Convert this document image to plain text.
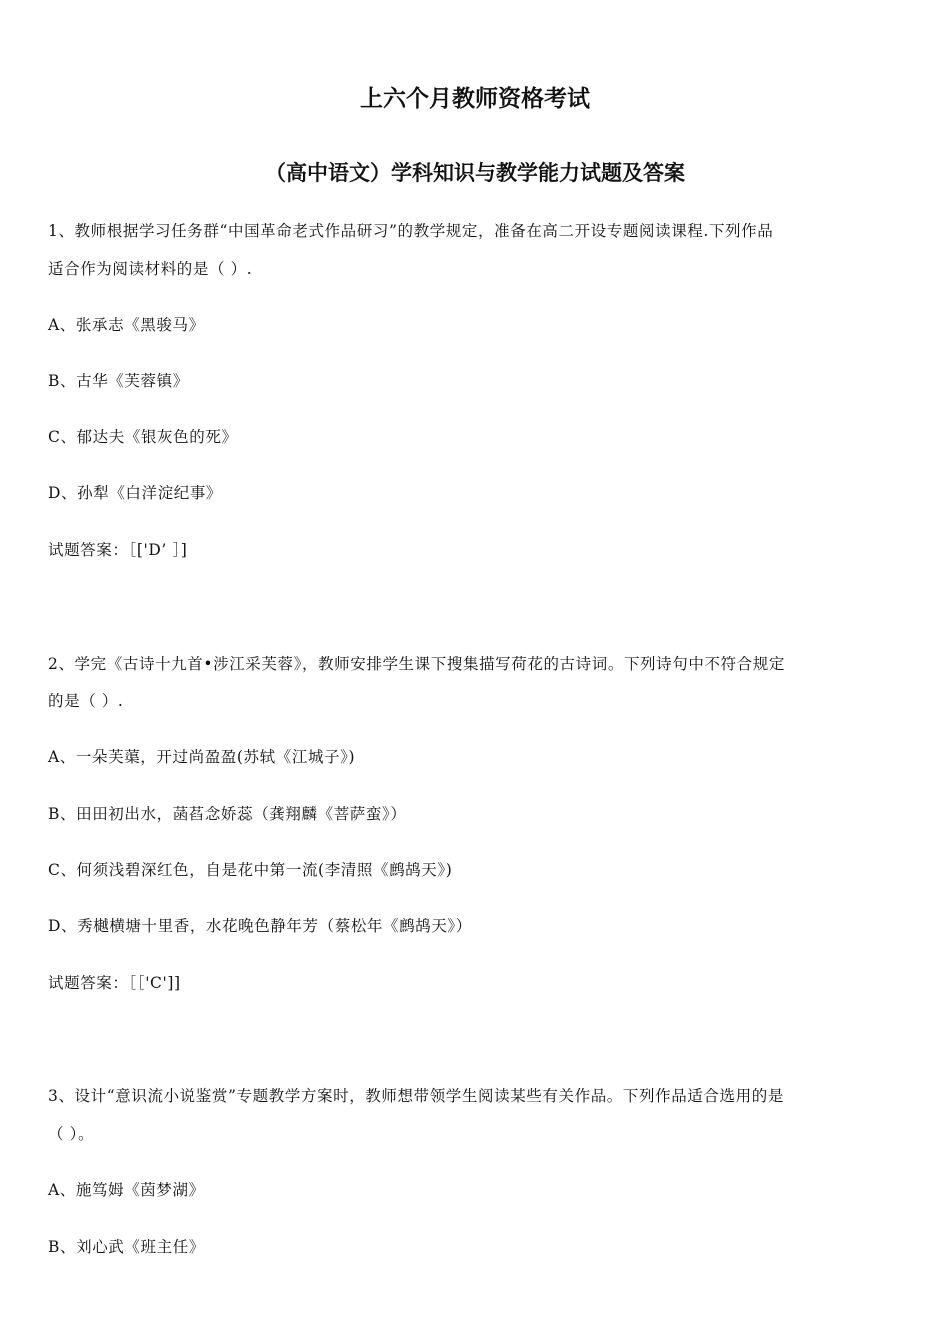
上六个月教师资格考试
（高中语文）学科知识与教学能力试题及答案
1、教师根据学习任务群“中国革命老式作品研习”的教学规定，准备在高二开设专题阅读课程.下列作品
适合作为阅读材料的是（ ）.
A、张承志《黑骏马》
B、古华《芙蓉镇》
C、郁达夫《银灰色的死》
D、孙犁《白洋淀纪事》
试题答案：［['D’ ］]
2、学完《古诗十九首•涉江采芙蓉》，教师安排学生课下搜集描写荷花的古诗词。下列诗句中不符合规定
的是（ ）.
A、一朵芙蕖，开过尚盈盈(苏轼《江城子》)
B、田田初出水，菡萏念娇蕊（龚翔麟《菩萨蛮》）
C、何须浅碧深红色，自是花中第一流(李清照《鹧鸪天》)
D、秀樾横塘十里香，水花晚色静年芳（蔡松年《鹧鸪天》）
试题答案：［［'C']]
3、设计“意识流小说鉴赏”专题教学方案时，教师想带领学生阅读某些有关作品。下列作品适合选用的是
（ ）。
A、施笃姆《茵梦湖》
B、刘心武《班主任》
